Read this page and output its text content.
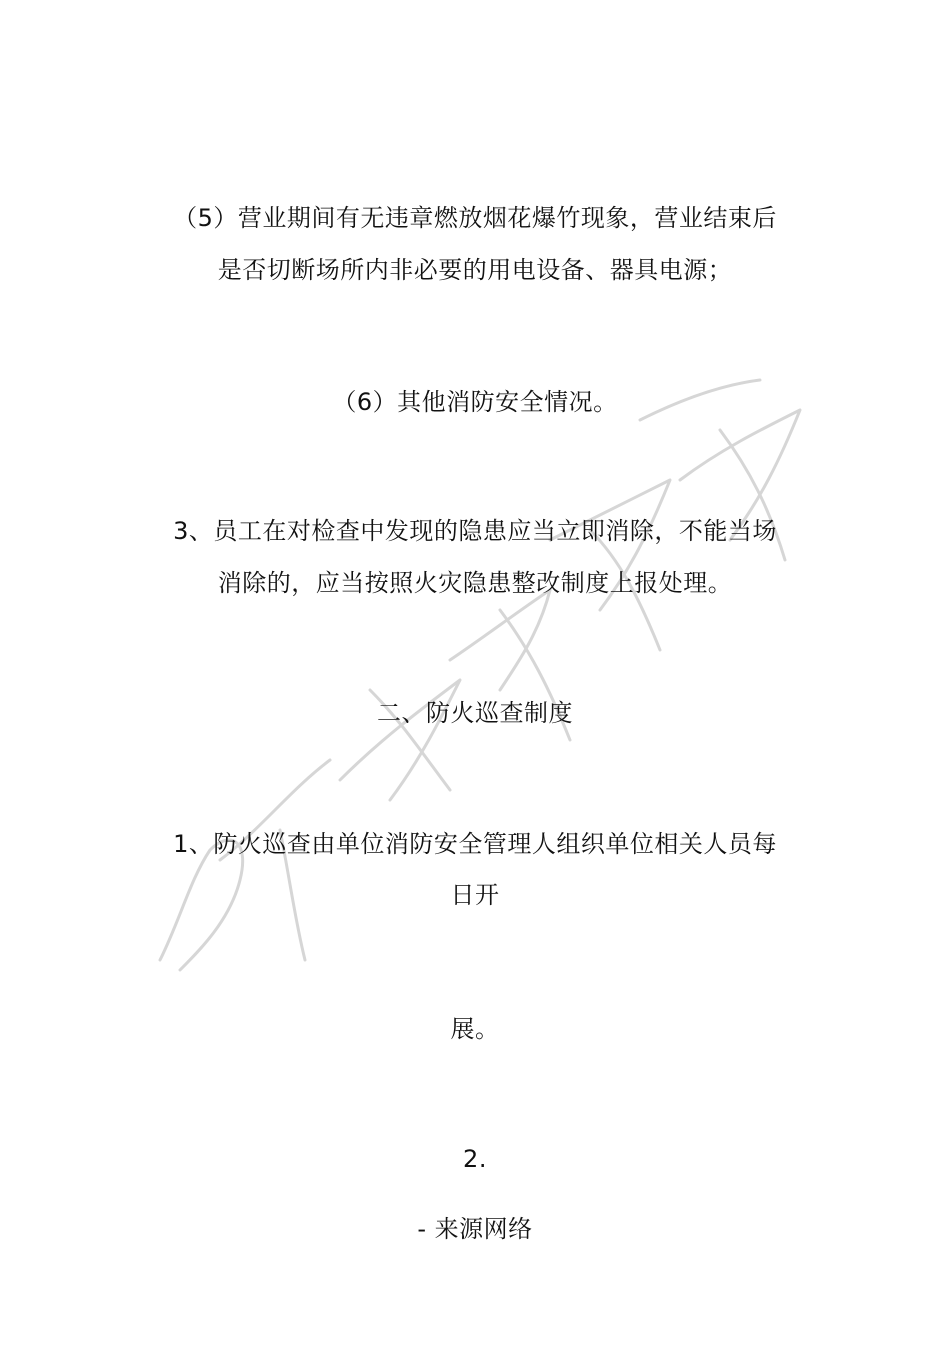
（5）营业期间有无违章燃放烟花爆竹现象，营业结束后
是否切断场所内非必要的用电设备、器具电源；
（6）其他消防安全情况。
3、员工在对检查中发现的隐患应当立即消除，不能当场
消除的，应当按照火灾隐患整改制度上报处理。
二、防火巡查制度
1、防火巡查由单位消防安全管理人组织单位相关人员每
日开
展。
2.
- 来源网络
